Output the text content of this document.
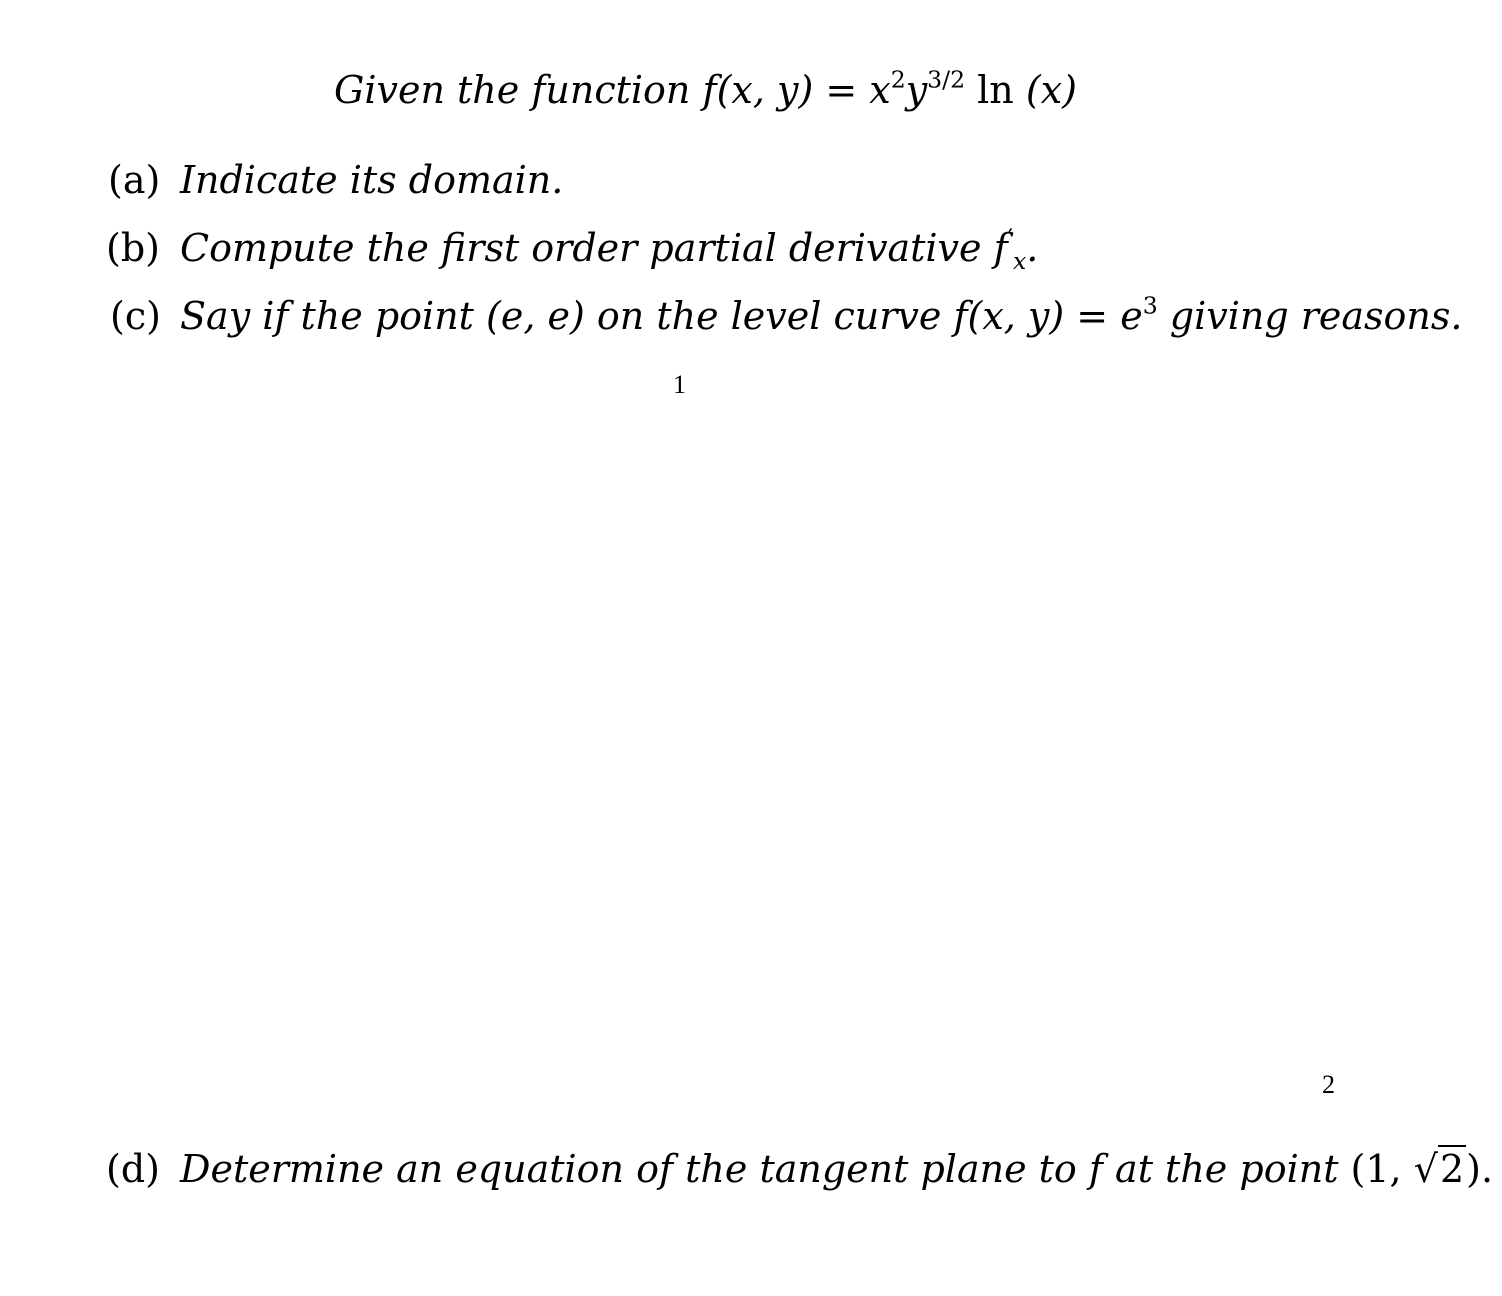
Given the function f(x, $y) = x^2y^{3/2}$ ln (x)
(a) Indicate its domain.
(b) Compute the first order partial derivative $f'_x$.
(c) Say if the point (e, e) on the level curve f(x, $y) = e^3$ giving reasons.
1
2
(d) Determine an equation of the tangent plane to f at the point (1, √2).
